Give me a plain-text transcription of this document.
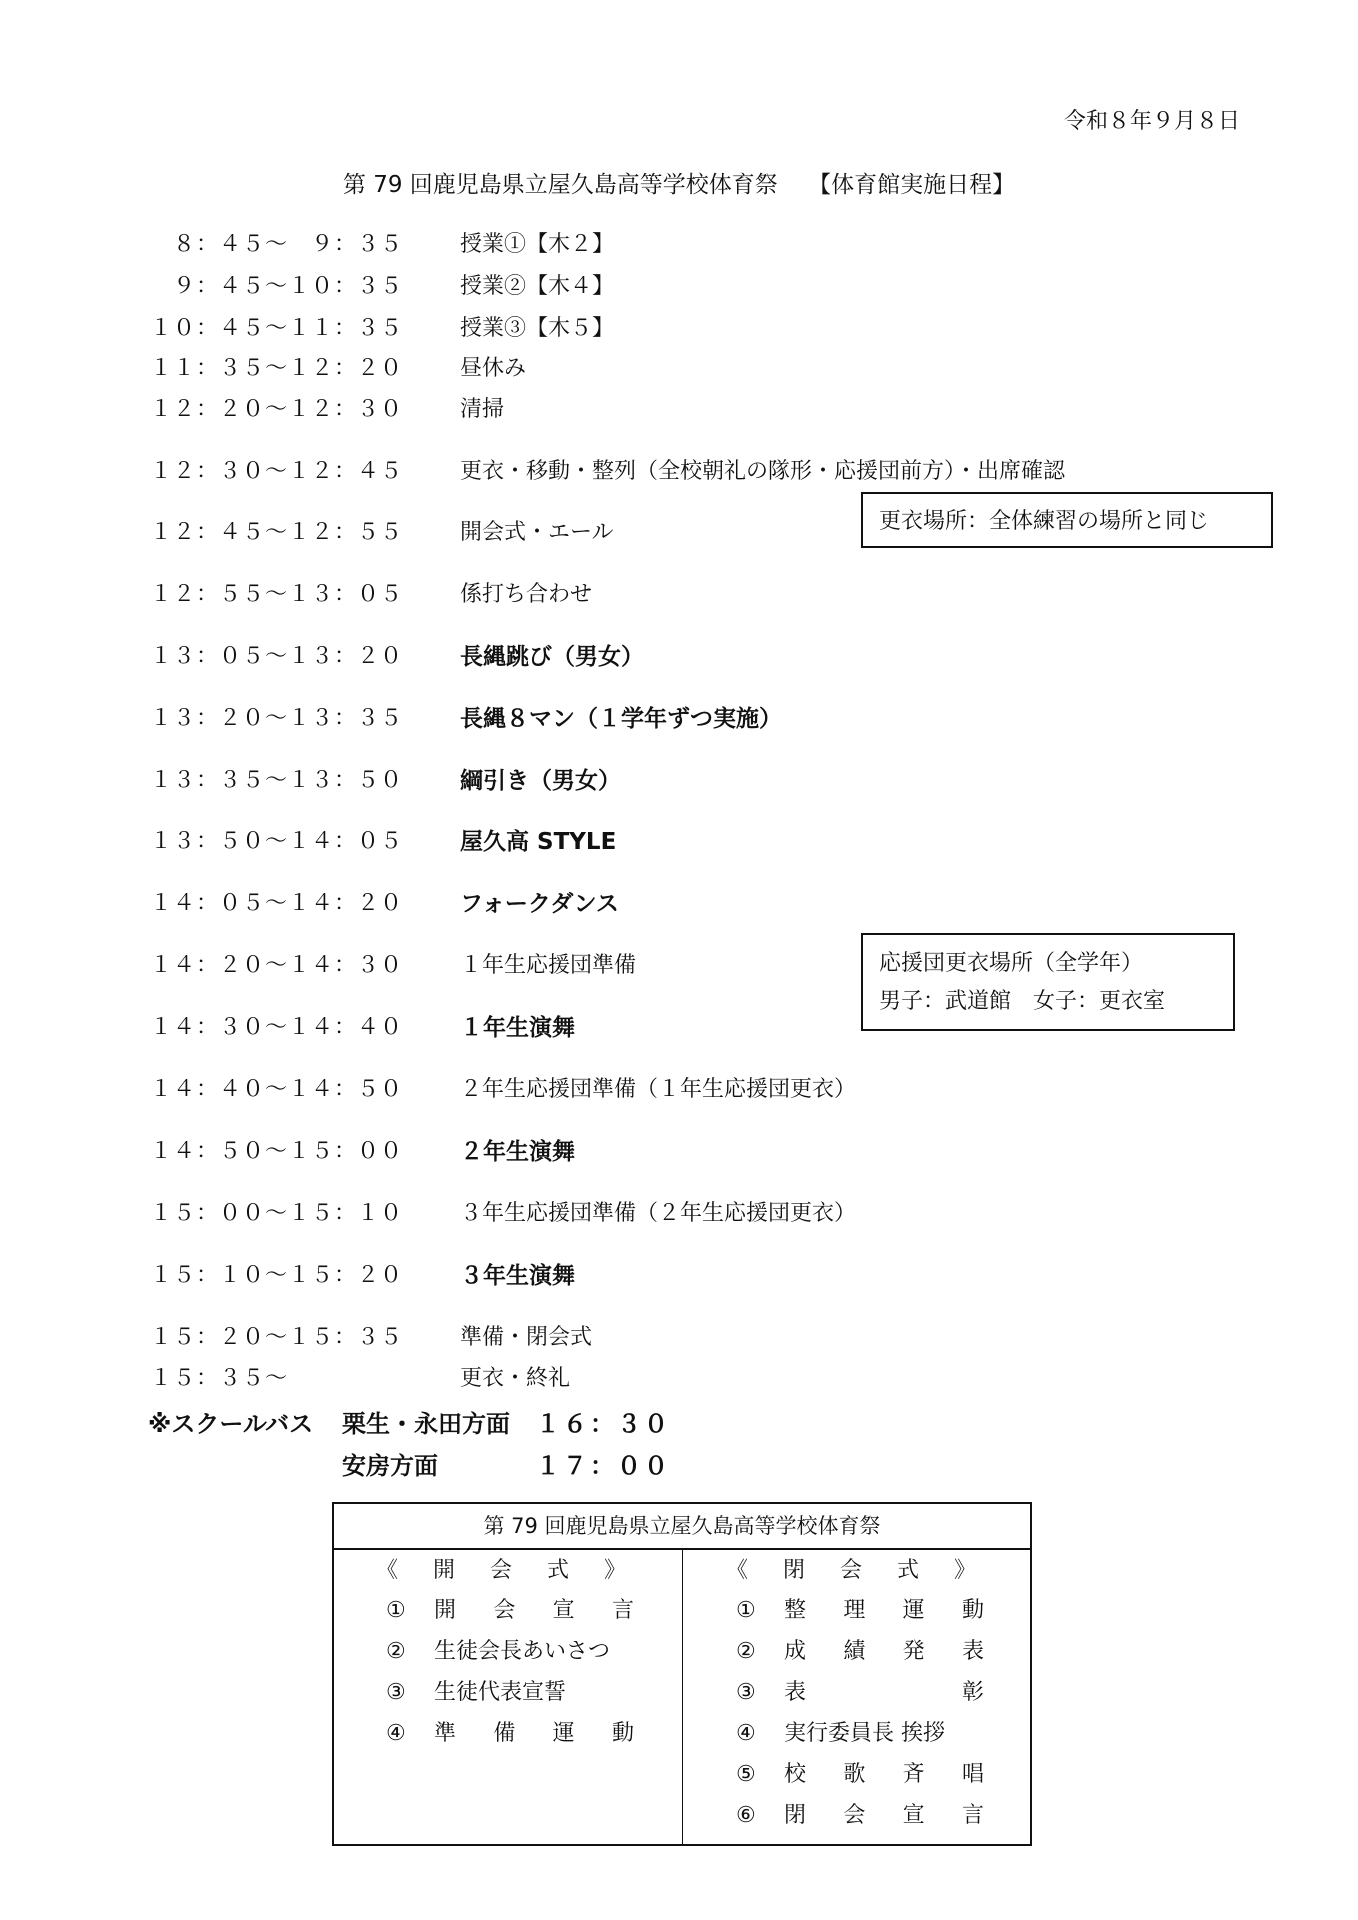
令和８年９月８日
第 79 回鹿児島県立屋久島高等学校体育祭　 【体育館実施日程】
　８：４５〜　９：３５	授業①【木２】
　９：４５〜１０：３５	授業②【木４】
１０：４５〜１１：３５	授業③【木５】
１１：３５〜１２：２０	昼休み
１２：２０〜１２：３０	清掃
１２：３０〜１２：４５	更衣・移動・整列（全校朝礼の隊形・応援団前方）・出席確認
１２：４５〜１２：５５	開会式・エール
１２：５５〜１３：０５	係打ち合わせ
１３：０５〜１３：２０ 長縄跳び（男女）
１３：２０〜１３：３５ 長縄８マン（１学年ずつ実施）
１３：３５〜１３：５０ 綱引き（男女）
１３：５０〜１４：０５ 屋久高 STYLE
１４：０５〜１４：２０ フォークダンス
１４：２０〜１４：３０	１年生応援団準備
１４：３０〜１４：４０ １年生演舞
１４：４０〜１４：５０	２年生応援団準備（１年生応援団更衣）
１４：５０〜１５：００ ２年生演舞
１５：００〜１５：１０	３年生応援団準備（２年生応援団更衣）
１５：１０〜１５：２０ ３年生演舞
１５：２０〜１５：３５	準備・閉会式
１５：３５〜	更衣・終礼
更衣場所：全体練習の場所と同じ
応援団更衣場所（全学年）
男子：武道館　女子：更衣室
※スクールバス 栗生・永田方面 １６：３０
安房方面	１７：００
第 79 回鹿児島県立屋久島高等学校体育祭
《 開 会 式 》
①	開 会 宣 言
②	生徒会長あいさつ
③	生徒代表宣誓
④	準 備 運 動
《 閉 会 式 》
①	整 理 運 動
②	成 績 発 表
③	表	彰
④	実行委員長 挨拶
⑤	校 歌 斉 唱
⑥	閉 会 宣 言
